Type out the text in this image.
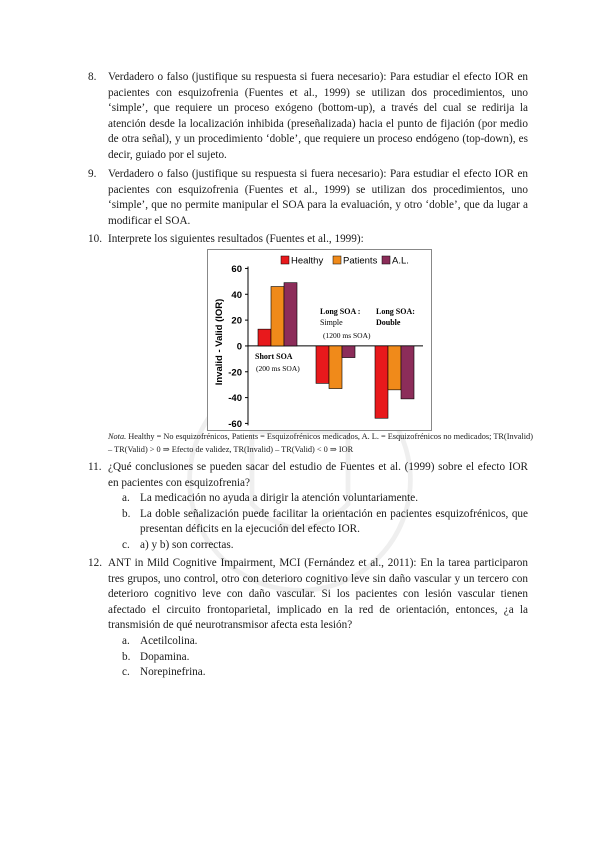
8. Verdadero o falso (justifique su respuesta si fuera necesario): Para estudiar el efecto IOR en pacientes con esquizofrenia (Fuentes et al., 1999) se utilizan dos procedimientos, uno ‘simple’, que requiere un proceso exógeno (bottom-up), a través del cual se redirija la atención desde la localización inhibida (preseñalizada) hacia el punto de fijación (por medio de otra señal), y un procedimiento ‘doble’, que requiere un proceso endógeno (top-down), es decir, guiado por el sujeto.
9. Verdadero o falso (justifique su respuesta si fuera necesario): Para estudiar el efecto IOR en pacientes con esquizofrenia (Fuentes et al., 1999) se utilizan dos procedimientos, uno ‘simple’, que no permite manipular el SOA para la evaluación, y otro ‘doble’, que da lugar a modificar el SOA.
10. Interprete los siguientes resultados (Fuentes et al., 1999):
60
40
20
0
-20
-40
-60
Healthy Patients A.L.
Invalid - Valid (IOR)	Short SOA
(200 ms SOA)
Long SOA :
Simple
(1200 ms SOA)
Long SOA:
Double
Nota. Healthy = No esquizofrénicos, Patients = Esquizofrénicos medicados, A. L. = Esquizofrénicos no medicados; TR(Invalid) – TR(Valid) > 0 ⇒ Efecto de validez, TR(Invalid) – TR(Valid) < 0 ⇒ IOR
11. ¿Qué conclusiones se pueden sacar del estudio de Fuentes et al. (1999) sobre el efecto IOR en pacientes con esquizofrenia?
a. La medicación no ayuda a dirigir la atención voluntariamente.
b. La doble señalización puede facilitar la orientación en pacientes esquizofrénicos, que presentan déficits en la ejecución del efecto IOR.
c. a) y b) son correctas.
12. ANT in Mild Cognitive Impairment, MCI (Fernández et al., 2011): En la tarea participaron tres grupos, uno control, otro con deterioro cognitivo leve sin daño vascular y un tercero con deterioro cognitivo leve con daño vascular. Si los pacientes con lesión vascular tienen afectado el circuito frontoparietal, implicado en la red de orientación, entonces, ¿a la transmisión de qué neurotransmisor afecta esta lesión?
a. Acetilcolina.
b. Dopamina.
c. Norepinefrina.
